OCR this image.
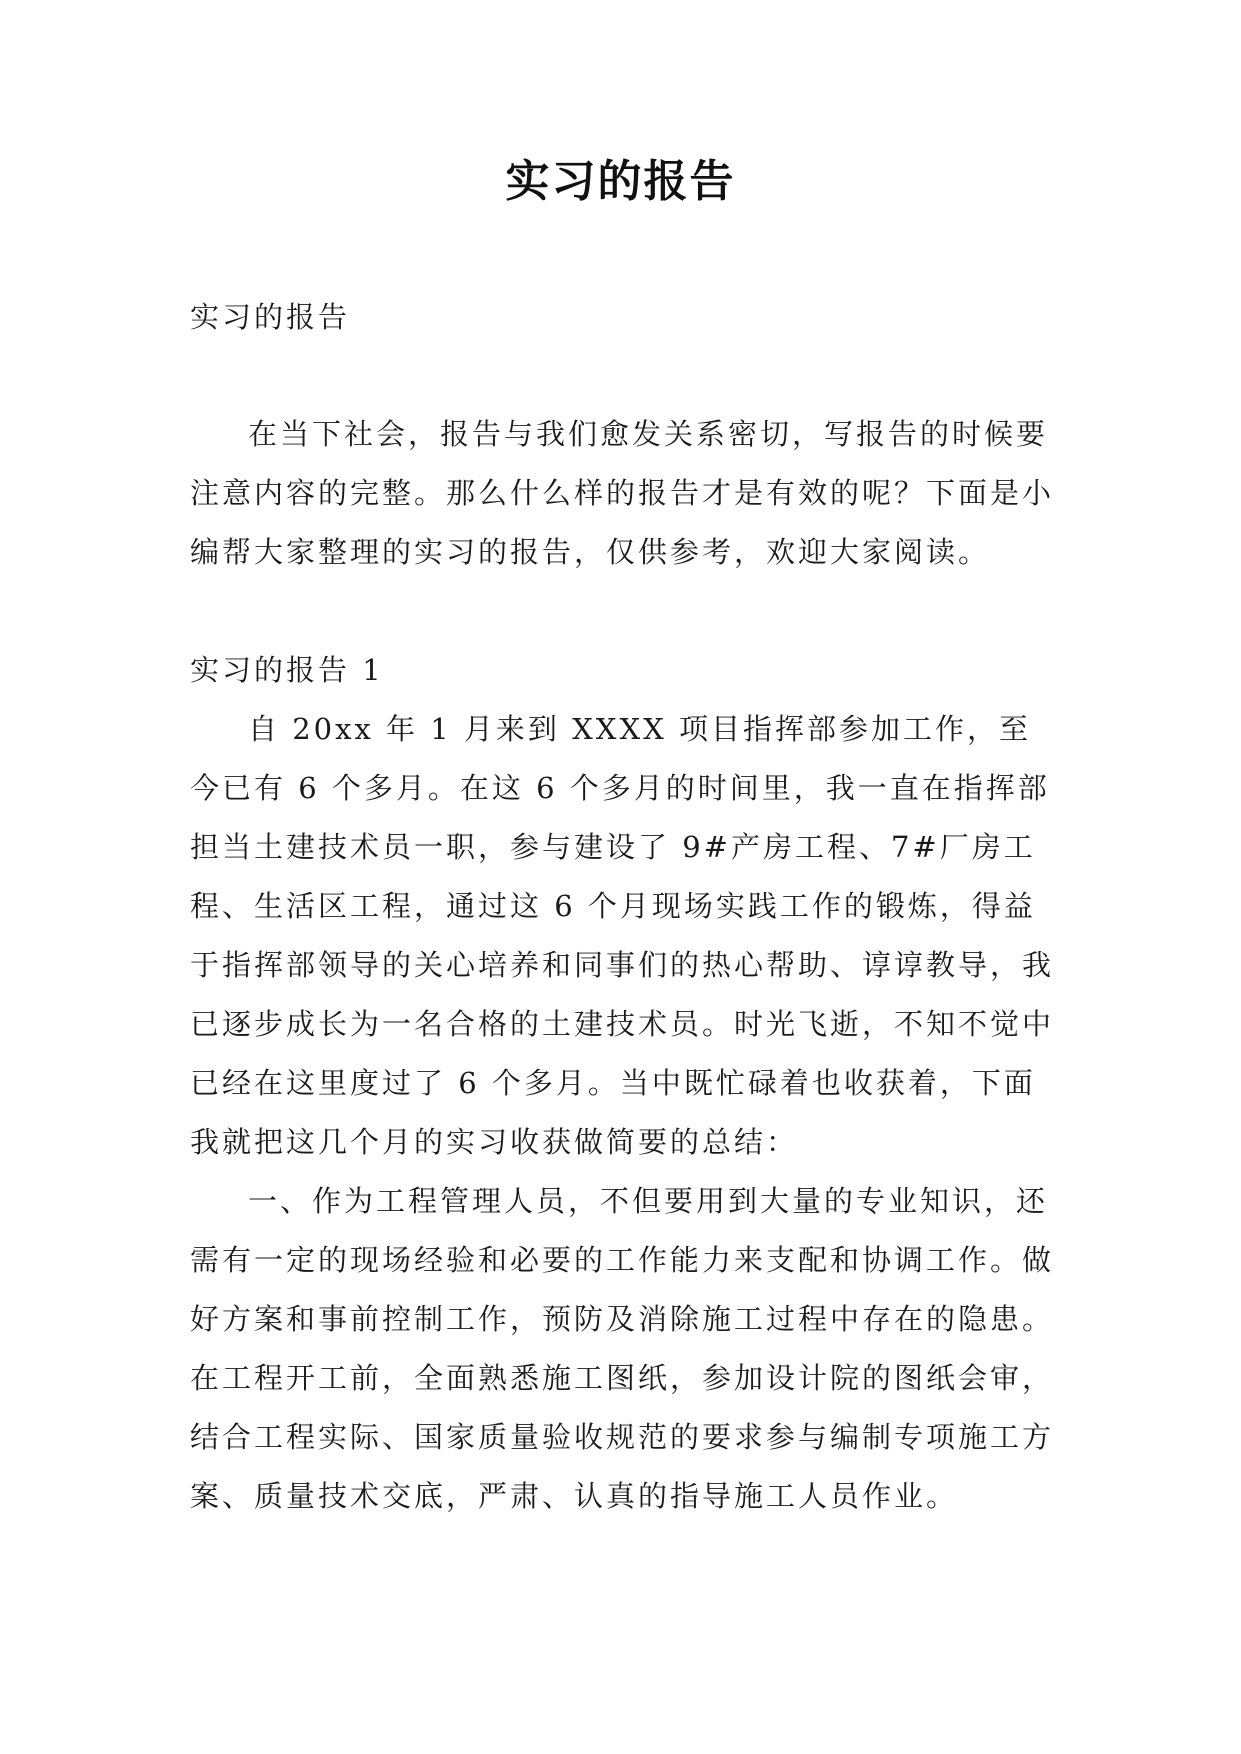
实习的报告
实习的报告

在当下社会，报告与我们愈发关系密切，写报告的时候要注意内容的完整。那么什么样的报告才是有效的呢？下面是小编帮大家整理的实习的报告，仅供参考，欢迎大家阅读。

实习的报告 1

自 20xx 年 1 月来到 XXXX 项目指挥部参加工作，至今已有 6 个多月。在这 6 个多月的时间里，我一直在指挥部担当土建技术员一职，参与建设了 9#产房工程、7#厂房工程、生活区工程，通过这 6 个月现场实践工作的锻炼，得益于指挥部领导的关心培养和同事们的热心帮助、谆谆教导，我已逐步成长为一名合格的土建技术员。时光飞逝，不知不觉中已经在这里度过了 6 个多月。当中既忙碌着也收获着，下面我就把这几个月的实习收获做简要的总结：

一、作为工程管理人员，不但要用到大量的专业知识，还需有一定的现场经验和必要的工作能力来支配和协调工作。做好方案和事前控制工作，预防及消除施工过程中存在的隐患。在工程开工前，全面熟悉施工图纸，参加设计院的图纸会审，结合工程实际、国家质量验收规范的要求参与编制专项施工方案、质量技术交底，严肃、认真的指导施工人员作业。
